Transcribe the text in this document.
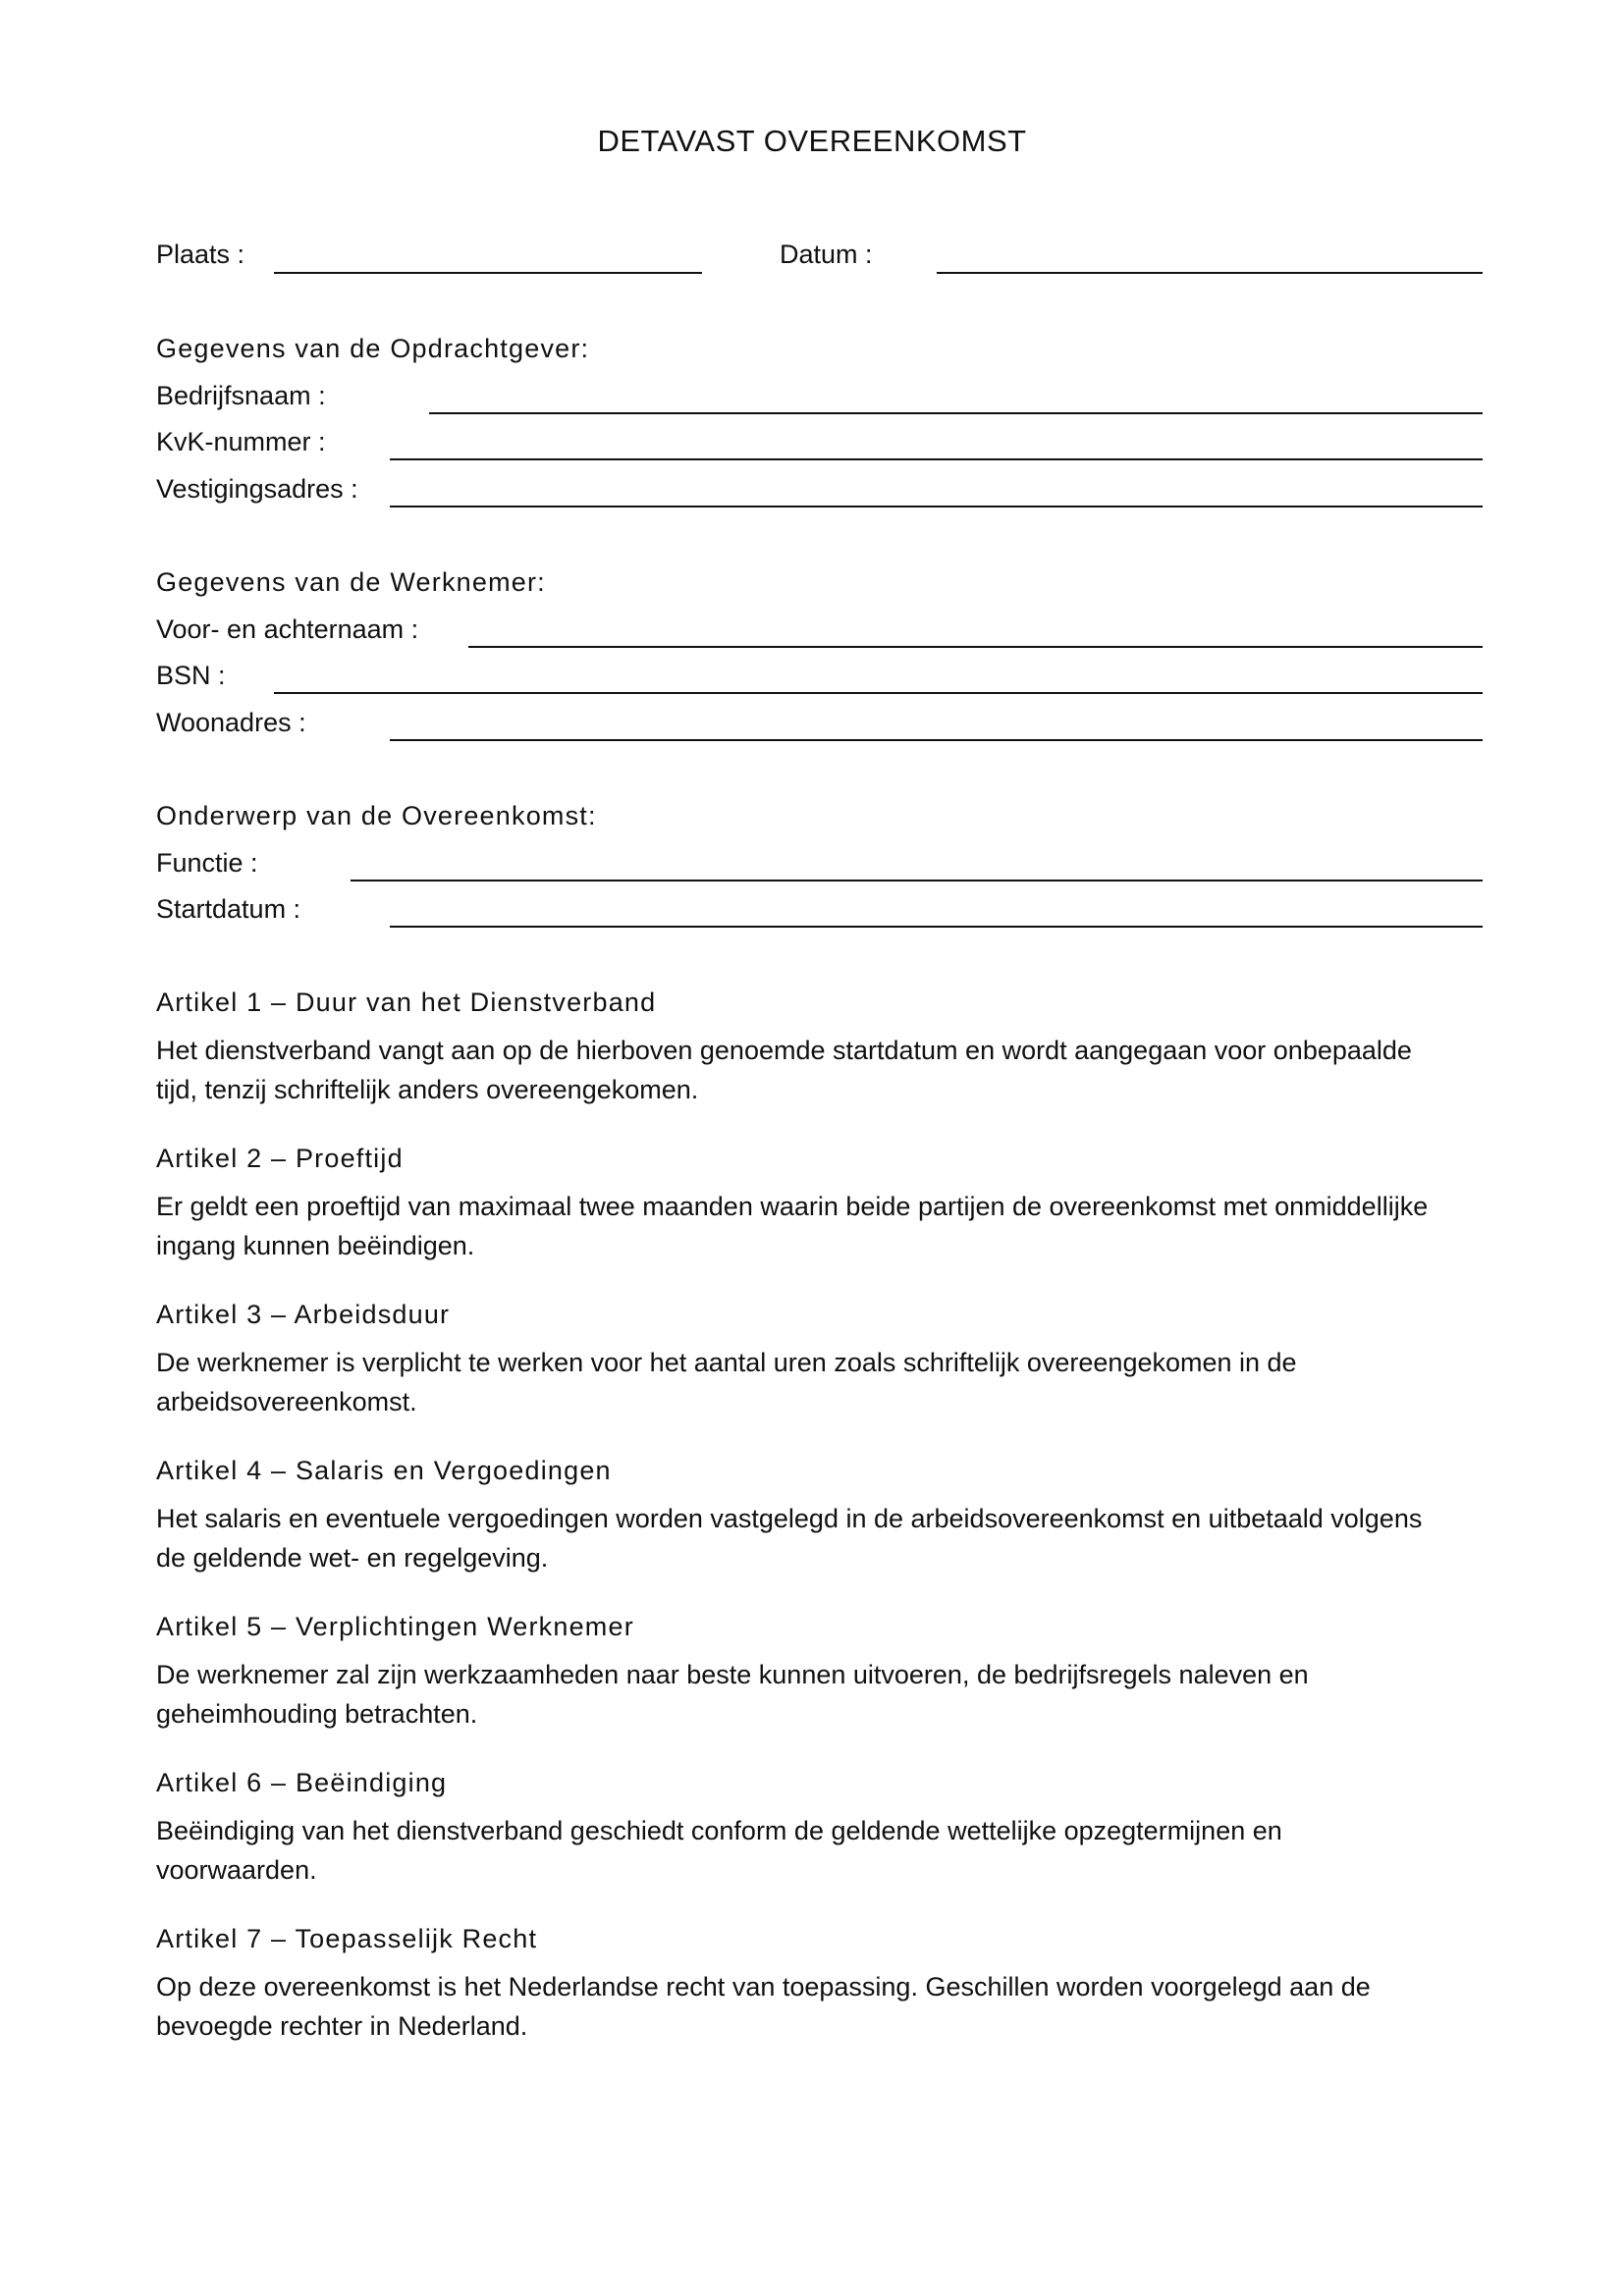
DETAVAST OVEREENKOMST
Plaats :	Datum :
Gegevens van de Opdrachtgever:
Bedrijfsnaam :
KvK-nummer :
Vestigingsadres :
Gegevens van de Werknemer:
Voor- en achternaam :
BSN :
Woonadres :
Onderwerp van de Overeenkomst:
Functie :
Startdatum :
Artikel 1 – Duur van het Dienstverband
Het dienstverband vangt aan op de hierboven genoemde startdatum en wordt aangegaan voor onbepaalde
tijd, tenzij schriftelijk anders overeengekomen.
Artikel 2 – Proeftijd
Er geldt een proeftijd van maximaal twee maanden waarin beide partijen de overeenkomst met onmiddellijke
ingang kunnen beëindigen.
Artikel 3 – Arbeidsduur
De werknemer is verplicht te werken voor het aantal uren zoals schriftelijk overeengekomen in de
arbeidsovereenkomst.
Artikel 4 – Salaris en Vergoedingen
Het salaris en eventuele vergoedingen worden vastgelegd in de arbeidsovereenkomst en uitbetaald volgens
de geldende wet- en regelgeving.
Artikel 5 – Verplichtingen Werknemer
De werknemer zal zijn werkzaamheden naar beste kunnen uitvoeren, de bedrijfsregels naleven en
geheimhouding betrachten.
Artikel 6 – Beëindiging
Beëindiging van het dienstverband geschiedt conform de geldende wettelijke opzegtermijnen en
voorwaarden.
Artikel 7 – Toepasselijk Recht
Op deze overeenkomst is het Nederlandse recht van toepassing. Geschillen worden voorgelegd aan de
bevoegde rechter in Nederland.
